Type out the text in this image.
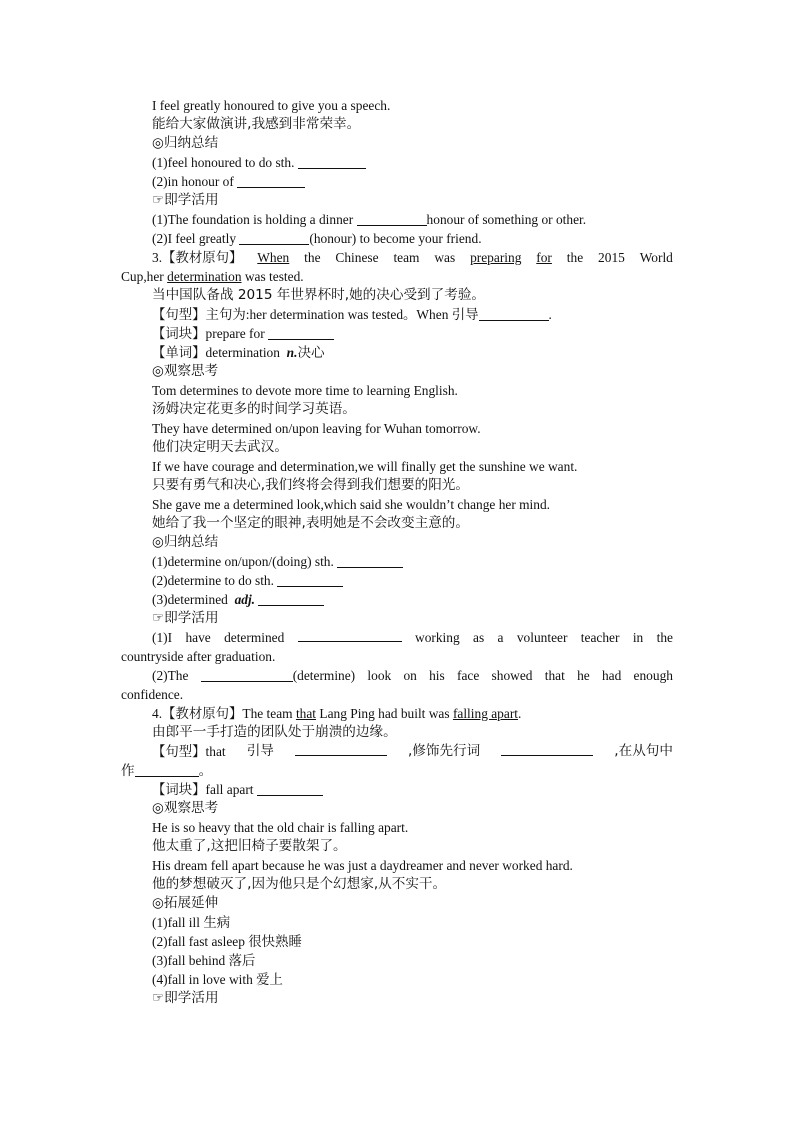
I feel greatly honoured to give you a speech.
能给大家做演讲,我感到非常荣幸。
◎归纳总结
(1)feel honoured to do sth.
(2)in honour of
☞即学活用
(1)The foundation is holding a dinner	honour of something or other.
(2)I feel greatly	(honour) to become your friend.
3.【教材原句】 When the Chinese team was preparing for the 2015 World
Cup,her determination was tested.
当中国队备战 2015 年世界杯时,她的决心受到了考验。
【句型】主句为:her determination was tested。When 引导	.
【词块】prepare for
【单词】determination n.决心
◎观察思考
Tom determines to devote more time to learning English.
汤姆决定花更多的时间学习英语。
They have determined on/upon leaving for Wuhan tomorrow.
他们决定明天去武汉。
If we have courage and determination,we will finally get the sunshine we want.
只要有勇气和决心,我们终将会得到我们想要的阳光。
She gave me a determined look,which said she wouldn’t change her mind.
她给了我一个坚定的眼神,表明她是不会改变主意的。
◎归纳总结
(1)determine on/upon/(doing) sth.
(2)determine to do sth.
(3)determined adj.
☞即学活用
(1)I have determined	working as a volunteer teacher in the
countryside after graduation.
(2)The	(determine) look on his face showed that he had enough
confidence.
4.【教材原句】The team that Lang Ping had built was falling apart.
由郎平一手打造的团队处于崩溃的边缘。
【句型】that 引导	,修饰先行词	,在从句中
作	。
【词块】fall apart
◎观察思考
He is so heavy that the old chair is falling apart.
他太重了,这把旧椅子要散架了。
His dream fell apart because he was just a daydreamer and never worked hard.
他的梦想破灭了,因为他只是个幻想家,从不实干。
◎拓展延伸
(1)fall ill 生病
(2)fall fast asleep 很快熟睡
(3)fall behind 落后
(4)fall in love with 爱上
☞即学活用
